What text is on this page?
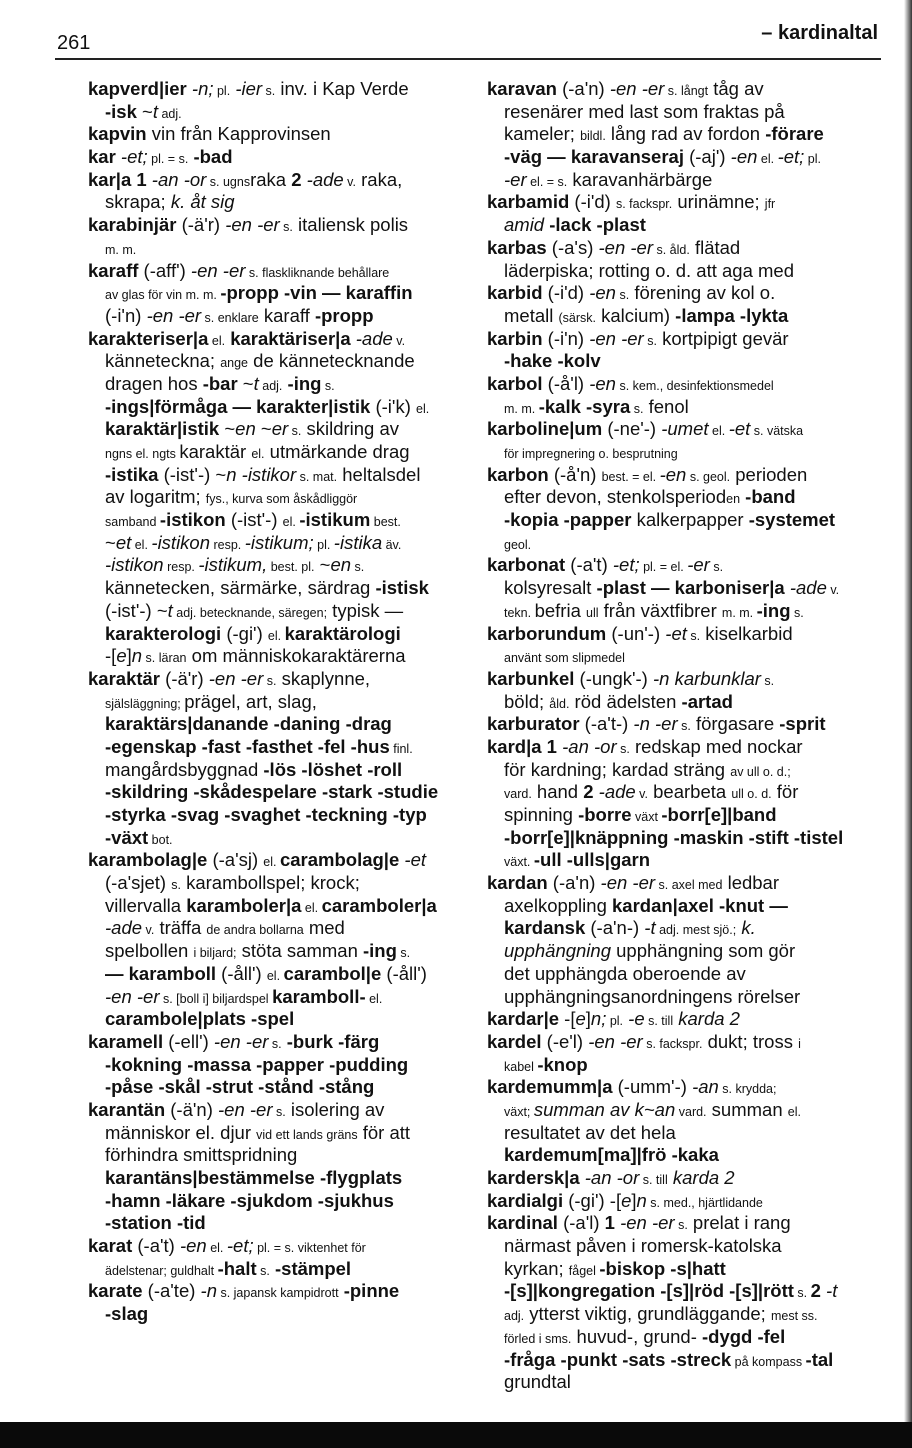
261	– kardinaltal
kapverd|ier -n; pl. -ier s. inv. i Kap Verde
-isk ~t adj.
kapvin vin från Kapprovinsen
kar -et; pl. = s. -bad
kar|a 1 -an -or s. ugnsraka 2 -ade v. raka,
skrapa; k. åt sig
karabinjär (-ä'r) -en -er s. italiensk polis
m. m.
karaff (-aff') -en -er s. flaskliknande behållare
av glas för vin m. m. -propp -vin — karaffin
(-i'n) -en -er s. enklare karaff -propp
karakteriser|a el. karaktäriser|a -ade v.
känneteckna; ange de kännetecknande
dragen hos -bar ~t adj. -ing s.
-ings|förmåga — karakter|istik (-i'k) el.
karaktär|istik ~en ~er s. skildring av
ngns el. ngts karaktär el. utmärkande drag
-istika (-ist'-) ~n -istikor s. mat. heltalsdel
av logaritm; fys., kurva som åskådliggör
samband -istikon (-ist'-) el. -istikum best.
~et el. -istikon resp. -istikum; pl. -istika äv.
-istikon resp. -istikum, best. pl. ~en s.
kännetecken, särmärke, särdrag -istisk
(-ist'-) ~t adj. betecknande, säregen; typisk —
karakterologi (-gi') el. karaktärologi
-[e]n s. läran om människokaraktärerna
karaktär (-ä'r) -en -er s. skaplynne,
själsläggning; prägel, art, slag,
karaktärs|danande -daning -drag
-egenskap -fast -fasthet -fel -hus finl.
mangårdsbyggnad -lös -löshet -roll
-skildring -skådespelare -stark -studie
-styrka -svag -svaghet -teckning -typ
-växt bot.
karambolag|e (-a'sj) el. carambolag|e -et
(-a'sjet) s. karambollspel; krock;
villervalla karamboler|a el. caramboler|a
-ade v. träffa de andra bollarna med
spelbollen i biljard; stöta samman -ing s.
— karamboll (-åll') el. carambol|e (-åll')
-en -er s. [boll i] biljardspel karamboll- el.
carambole|plats -spel
karamell (-ell') -en -er s. -burk -färg
-kokning -massa -papper -pudding
-påse -skål -strut -stånd -stång
karantän (-ä'n) -en -er s. isolering av
människor el. djur vid ett lands gräns för att
förhindra smittspridning
karantäns|bestämmelse -flygplats
-hamn -läkare -sjukdom -sjukhus
-station -tid
karat (-a't) -en el. -et; pl. = s. viktenhet för
ädelstenar; guldhalt -halt s. -stämpel
karate (-a'te) -n s. japansk kampidrott -pinne
-slag
karavan (-a'n) -en -er s. långt tåg av
resenärer med last som fraktas på
kameler; bildl. lång rad av fordon -förare
-väg — karavanseraj (-aj') -en el. -et; pl.
-er el. = s. karavanhärbärge
karbamid (-i'd) s. fackspr. urinämne; jfr
amid -lack -plast
karbas (-a's) -en -er s. åld. flätad
läderpiska; rotting o. d. att aga med
karbid (-i'd) -en s. förening av kol o.
metall (särsk. kalcium) -lampa -lykta
karbin (-i'n) -en -er s. kortpipigt gevär
-hake -kolv
karbol (-å'l) -en s. kem., desinfektionsmedel
m. m. -kalk -syra s. fenol
karboline|um (-ne'-) -umet el. -et s. vätska
för impregnering o. besprutning
karbon (-å'n) best. = el. -en s. geol. perioden
efter devon, stenkolsperioden -band
-kopia -papper kalkerpapper -systemet
geol.
karbonat (-a't) -et; pl. = el. -er s.
kolsyresalt -plast — karboniser|a -ade v.
tekn. befria ull från växtfibrer m. m. -ing s.
karborundum (-un'-) -et s. kiselkarbid
använt som slipmedel
karbunkel (-ungk'-) -n karbunklar s.
böld; åld. röd ädelsten -artad
karburator (-a't-) -n -er s. förgasare -sprit
kard|a 1 -an -or s. redskap med nockar
för kardning; kardad sträng av ull o. d.;
vard. hand 2 -ade v. bearbeta ull o. d. för
spinning -borre växt -borr[e]|band
-borr[e]|knäppning -maskin -stift -tistel
växt. -ull -ulls|garn
kardan (-a'n) -en -er s. axel med ledbar
axelkoppling kardan|axel -knut —
kardansk (-a'n-) -t adj. mest sjö.; k.
upphängning upphängning som gör
det upphängda oberoende av
upphängningsanordningens rörelser
kardar|e -[e]n; pl. -e s. till karda 2
kardel (-e'l) -en -er s. fackspr. dukt; tross i
kabel -knop
kardemumm|a (-umm'-) -an s. krydda;
växt; summan av k~an vard. summan el.
resultatet av det hela
kardemum[ma]|frö -kaka
kardersk|a -an -or s. till karda 2
kardialgi (-gi') -[e]n s. med., hjärtlidande
kardinal (-a'l) 1 -en -er s. prelat i rang
närmast påven i romersk-katolska
kyrkan; fågel -biskop -s|hatt
-[s]|kongregation -[s]|röd -[s]|rött s. 2 -t
adj. ytterst viktig, grundläggande; mest ss.
förled i sms. huvud-, grund- -dygd -fel
-fråga -punkt -sats -streck på kompass -tal
grundtal
